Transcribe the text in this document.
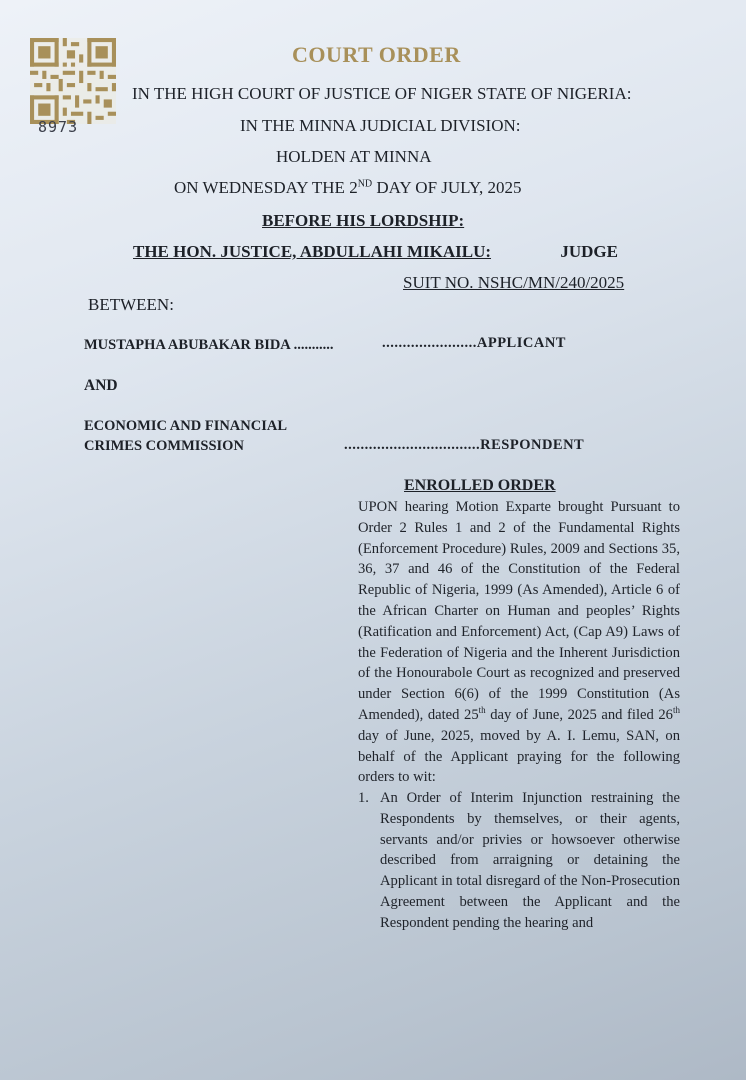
8973
COURT ORDER
IN THE HIGH COURT OF JUSTICE OF NIGER STATE OF NIGERIA:
IN THE MINNA JUDICIAL DIVISION:
HOLDEN AT MINNA
ON WEDNESDAY THE 2ND DAY OF JULY, 2025
BEFORE HIS LORDSHIP:
THE HON. JUSTICE, ABDULLAHI MIKAILU:	JUDGE
SUIT NO. NSHC/MN/240/2025
BETWEEN:
MUSTAPHA ABUBAKAR BIDA ...........	.......................APPLICANT
AND
ECONOMIC AND FINANCIAL
CRIMES COMMISSION	.................................RESPONDENT
ENROLLED ORDER

UPON hearing Motion Exparte brought Pursuant to Order 2 Rules 1 and 2 of the Fundamental Rights (Enforcement Procedure) Rules, 2009 and Sections 35, 36, 37 and 46 of the Constitution of the Federal Republic of Nigeria, 1999 (As Amended), Article 6 of the African Charter on Human and peoples’ Rights (Ratification and Enforcement) Act, (Cap A9) Laws of the Federation of Nigeria and the Inherent Jurisdiction of the Honourabole Court as recognized and preserved under Section 6(6) of the 1999 Constitution (As Amended), dated 25th day of June, 2025 and filed 26th day of June, 2025, moved by A. I. Lemu, SAN, on behalf of the Applicant praying for the following orders to wit:

1. An Order of Interim Injunction restraining the Respondents by themselves, or their agents, servants and/or privies or howsoever otherwise described from arraigning or detaining the Applicant in total disregard of the Non-Prosecution Agreement between the Applicant and the Respondent pending the hearing and
